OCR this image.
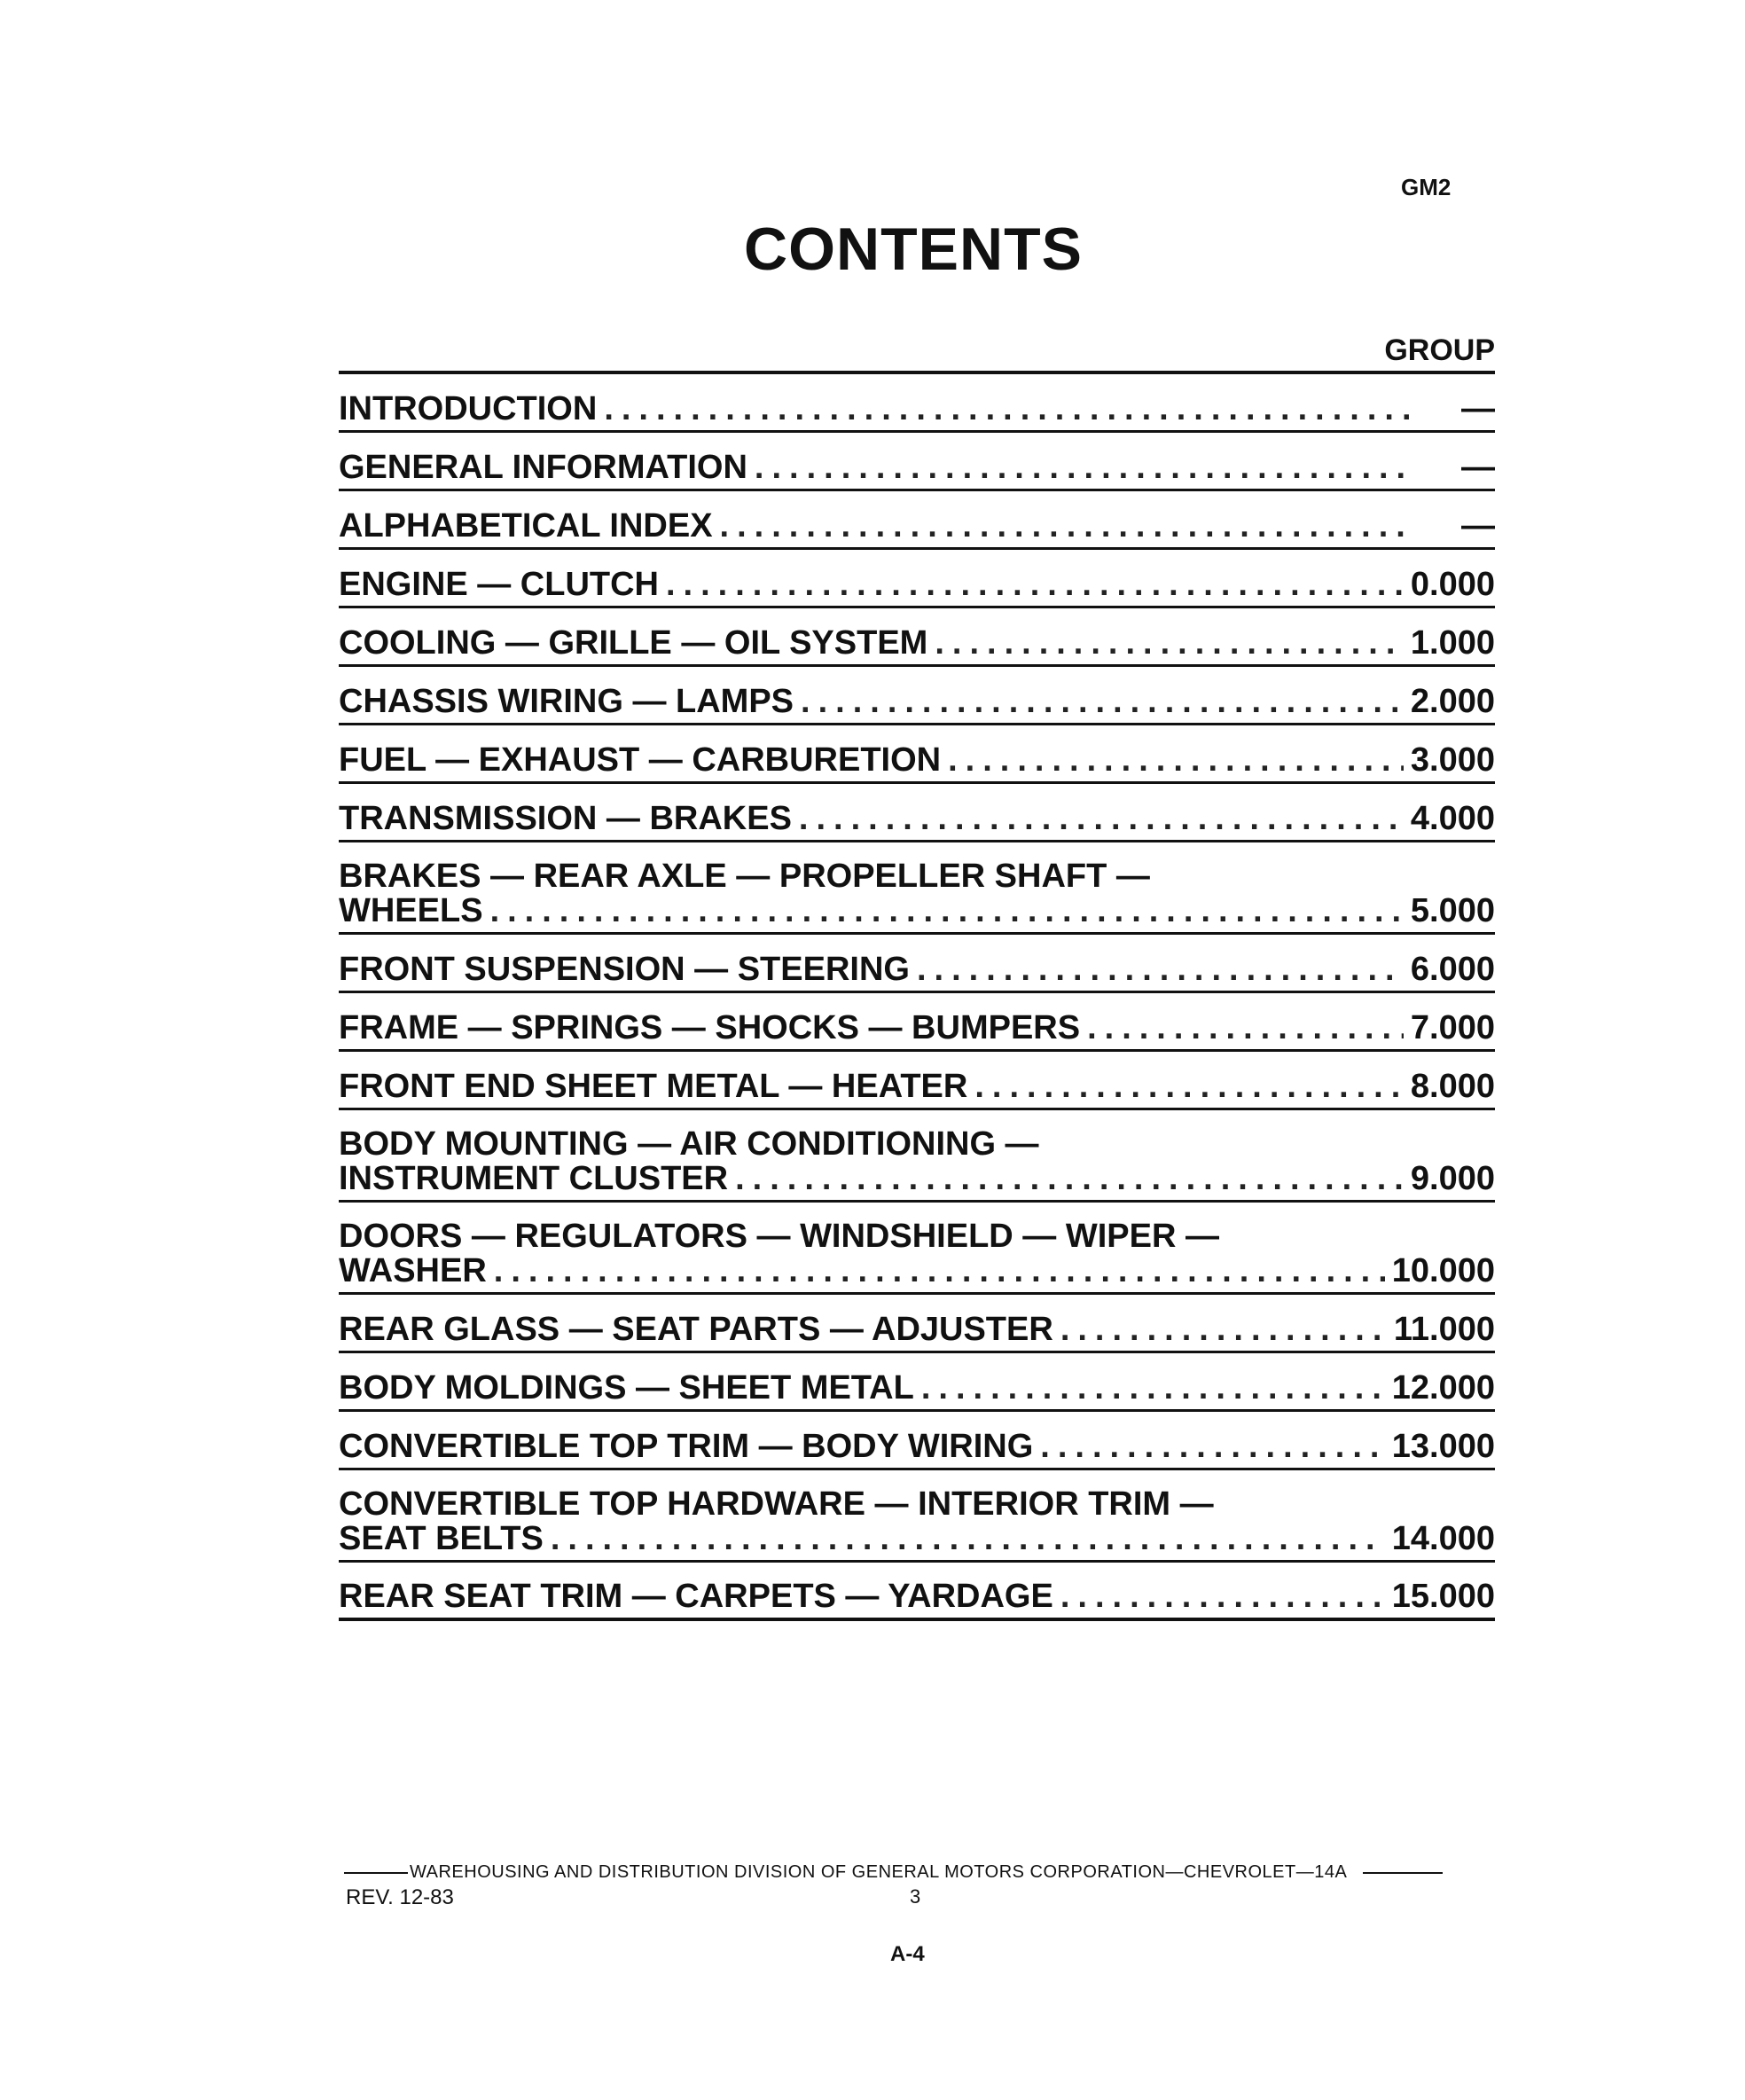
GM2
CONTENTS
GROUP
INTRODUCTION .....	—
GENERAL INFORMATION .....	—
ALPHABETICAL INDEX .....	—
ENGINE — CLUTCH .....	0.000
COOLING — GRILLE — OIL SYSTEM .....	1.000
CHASSIS WIRING — LAMPS .....	2.000
FUEL — EXHAUST — CARBURETION .....	3.000
TRANSMISSION — BRAKES .....	4.000
BRAKES — REAR AXLE — PROPELLER SHAFT —
WHEELS .....	5.000
FRONT SUSPENSION — STEERING .....	6.000
FRAME — SPRINGS — SHOCKS — BUMPERS .....	7.000
FRONT END SHEET METAL — HEATER .....	8.000
BODY MOUNTING — AIR CONDITIONING —
INSTRUMENT CLUSTER .....	9.000
DOORS — REGULATORS — WINDSHIELD — WIPER —
WASHER .....	10.000
REAR GLASS — SEAT PARTS — ADJUSTER .....	11.000
BODY MOLDINGS — SHEET METAL .....	12.000
CONVERTIBLE TOP TRIM — BODY WIRING .....	13.000
CONVERTIBLE TOP HARDWARE — INTERIOR TRIM —
SEAT BELTS .....	14.000
REAR SEAT TRIM — CARPETS — YARDAGE .....	15.000
WAREHOUSING AND DISTRIBUTION DIVISION OF GENERAL MOTORS CORPORATION—CHEVROLET—14A
REV. 12-83	3
A-4
